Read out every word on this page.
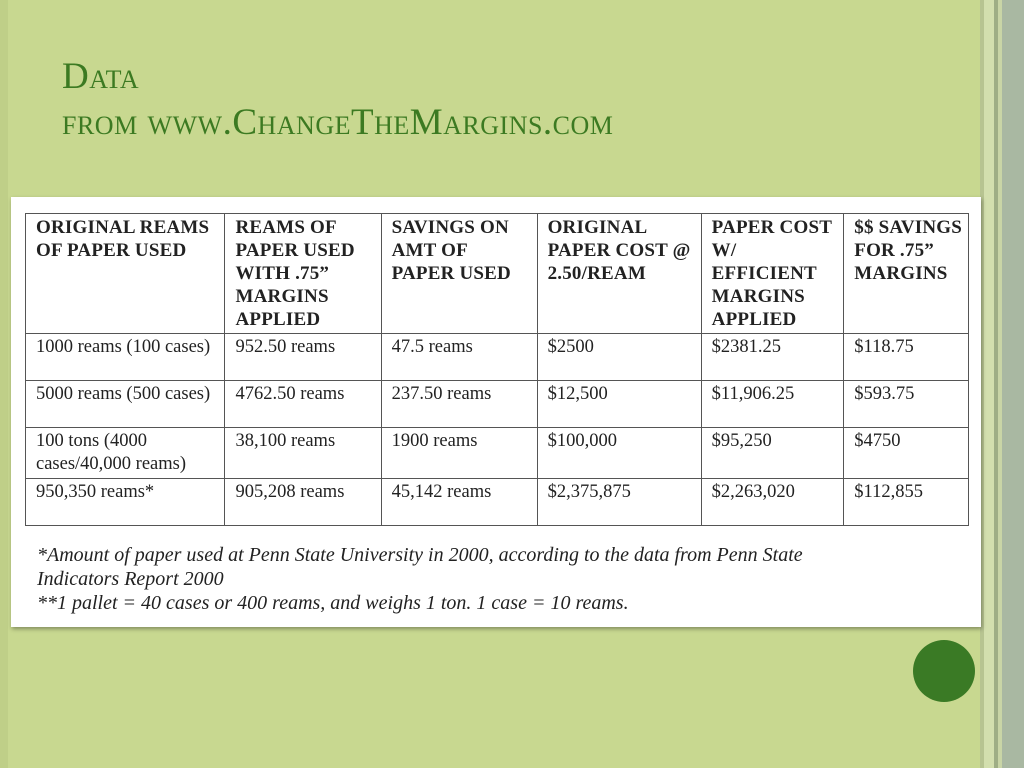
Data
from www.ChangeTheMargins.com
ORIGINAL REAMS OF PAPER USED	REAMS OF PAPER USED WITH .75” MARGINS APPLIED	SAVINGS ON AMT OF PAPER USED	ORIGINAL PAPER COST @ 2.50/REAM	PAPER COST W/ EFFICIENT MARGINS APPLIED	$$ SAVINGS FOR .75” MARGINS
1000 reams (100 cases)	952.50 reams	47.5 reams	$2500	$2381.25	$118.75
5000 reams (500 cases)	4762.50 reams	237.50 reams	$12,500	$11,906.25	$593.75
100 tons (4000 cases/40,000 reams)	38,100 reams	1900 reams	$100,000	$95,250	$4750
950,350 reams*	905,208 reams	45,142 reams	$2,375,875	$2,263,020	$112,855
*Amount of paper used at Penn State University in 2000, according to the data from Penn State
Indicators Report 2000
**1 pallet = 40 cases or 400 reams, and weighs 1 ton. 1 case = 10 reams.
